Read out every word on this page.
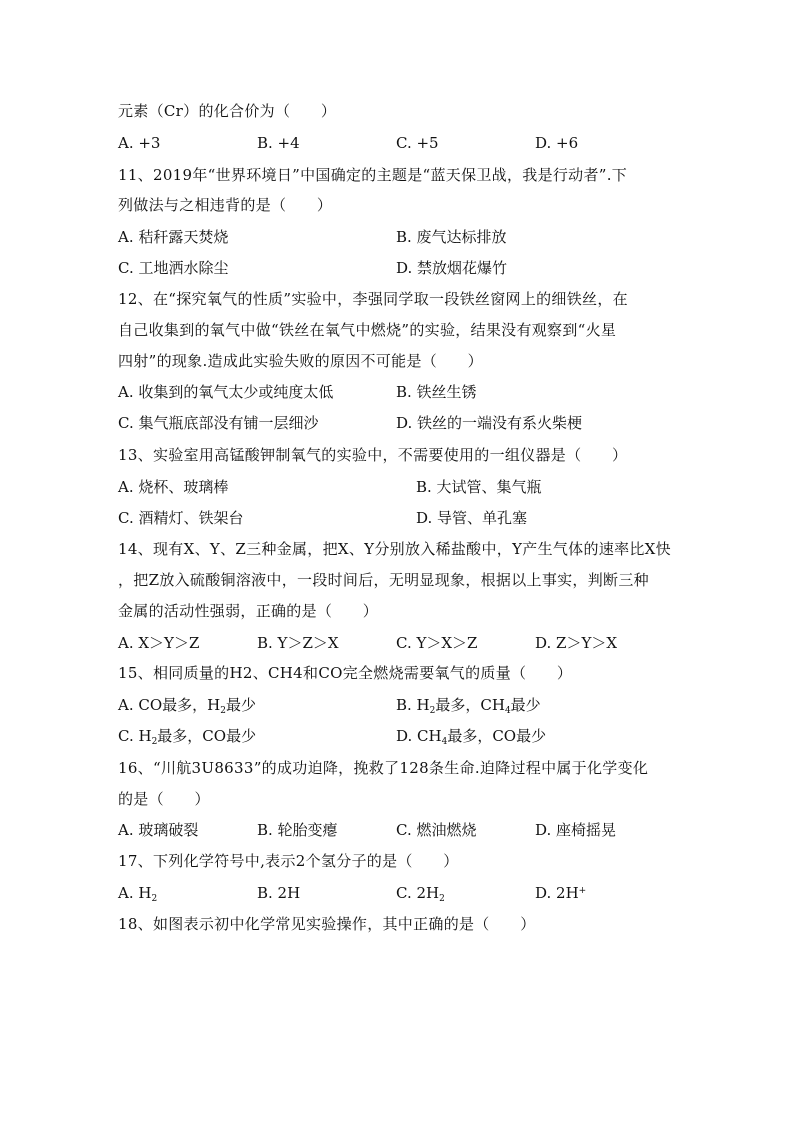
元素（Cr）的化合价为（　　）
A. +3	B. +4	C. +5	D. +6
11、2019年“世界环境日”中国确定的主题是“蓝天保卫战，我是行动者”.下
列做法与之相违背的是（　　）
A. 秸秆露天焚烧	B. 废气达标排放
C. 工地洒水除尘	D. 禁放烟花爆竹
12、在“探究氧气的性质”实验中，李强同学取一段铁丝窗网上的细铁丝，在
自己收集到的氧气中做“铁丝在氧气中燃烧”的实验，结果没有观察到“火星
四射”的现象.造成此实验失败的原因不可能是（　　）
A. 收集到的氧气太少或纯度太低	B. 铁丝生锈
C. 集气瓶底部没有铺一层细沙	D. 铁丝的一端没有系火柴梗
13、实验室用高锰酸钾制氧气的实验中，不需要使用的一组仪器是（　　）
A. 烧杯、玻璃棒	B. 大试管、集气瓶
C. 酒精灯、铁架台	D. 导管、单孔塞
14、现有X、Y、Z三种金属，把X、Y分别放入稀盐酸中，Y产生气体的速率比X快
，把Z放入硫酸铜溶液中，一段时间后，无明显现象，根据以上事实，判断三种
金属的活动性强弱，正确的是（　　）
A. X＞Y＞Z	B. Y＞Z＞X	C. Y＞X＞Z	D. Z＞Y＞X
15、相同质量的H2、CH4和CO完全燃烧需要氧气的质量（　　）
A. CO最多，$H_2$最少	B. $H_2$最多，$CH_4$最少
C. $H_2$最多，CO最少	D. $CH_4$最多，CO最少
16、“川航3U8633”的成功迫降，挽救了128条生命.迫降过程中属于化学变化
的是（　　）
A. 玻璃破裂	B. 轮胎变瘪	C. 燃油燃烧	D. 座椅摇晃
17、下列化学符号中,表示2个氢分子的是（　　）
A. $H_2$	B. 2H	C. $2H_2$	D. 2H+
18、如图表示初中化学常见实验操作，其中正确的是（　　）
